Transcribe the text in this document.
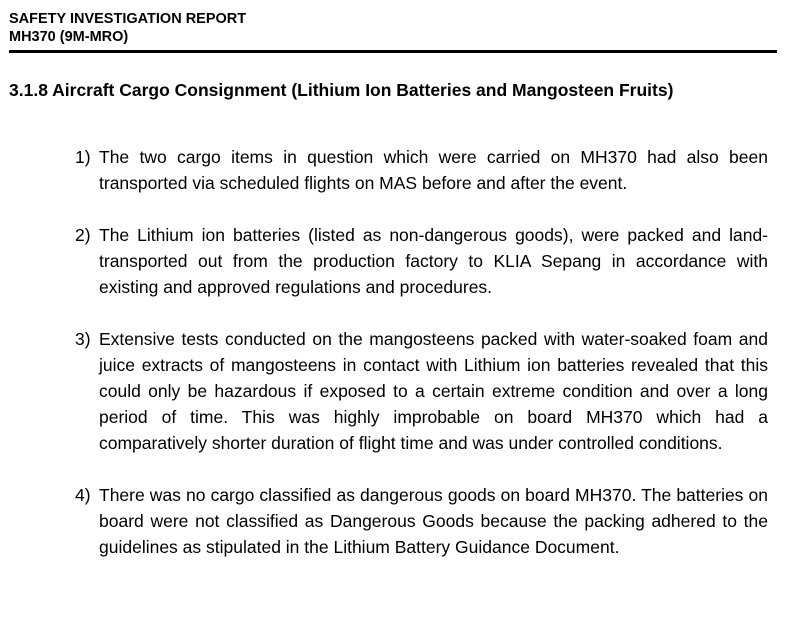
SAFETY INVESTIGATION REPORT
MH370 (9M-MRO)
3.1.8 Aircraft Cargo Consignment (Lithium Ion Batteries and Mangosteen Fruits)
1) The two cargo items in question which were carried on MH370 had also been transported via scheduled flights on MAS before and after the event.
2) The Lithium ion batteries (listed as non-dangerous goods), were packed and land-transported out from the production factory to KLIA Sepang in accordance with existing and approved regulations and procedures.
3) Extensive tests conducted on the mangosteens packed with water-soaked foam and juice extracts of mangosteens in contact with Lithium ion batteries revealed that this could only be hazardous if exposed to a certain extreme condition and over a long period of time. This was highly improbable on board MH370 which had a comparatively shorter duration of flight time and was under controlled conditions.
4) There was no cargo classified as dangerous goods on board MH370. The batteries on board were not classified as Dangerous Goods because the packing adhered to the guidelines as stipulated in the Lithium Battery Guidance Document.
